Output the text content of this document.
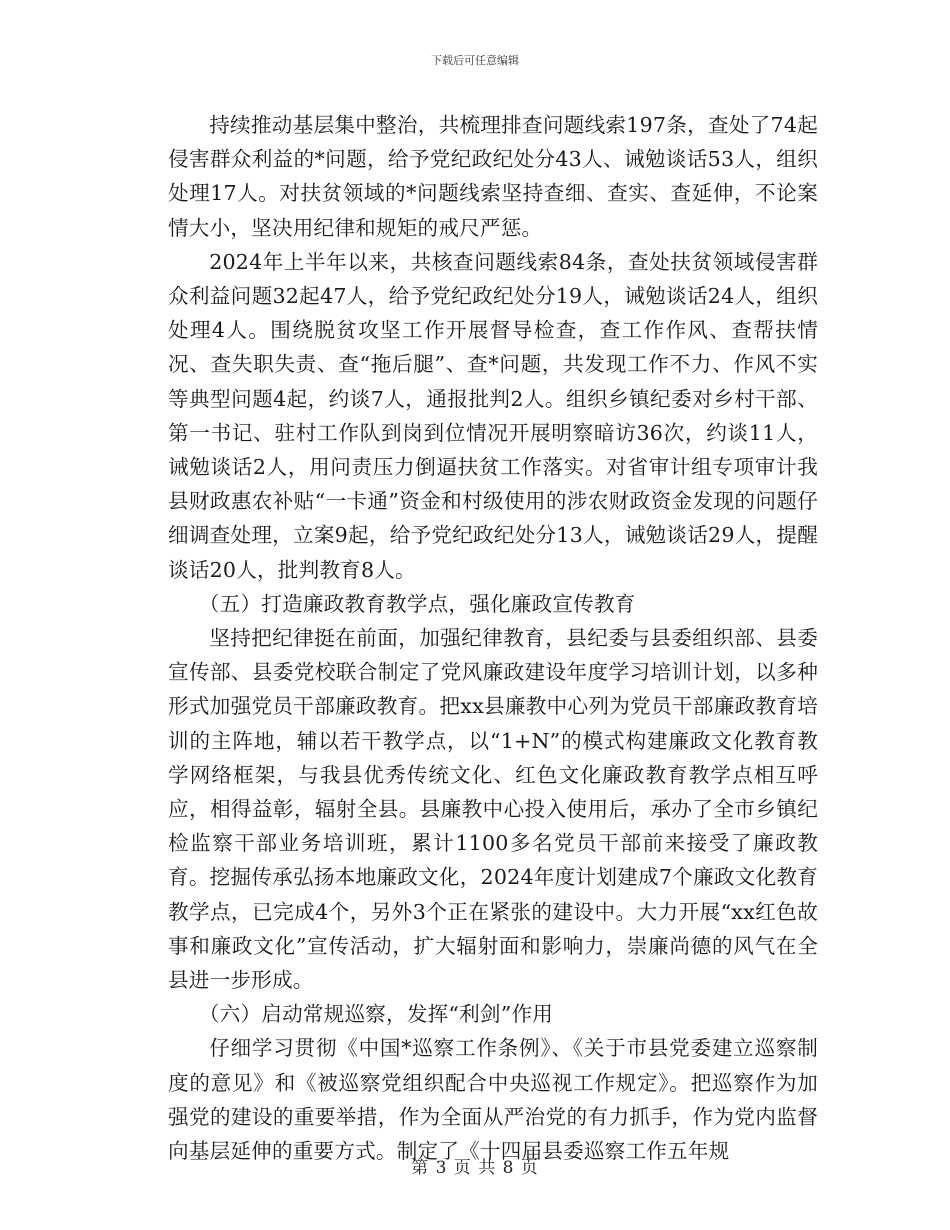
下载后可任意编辑

持续推动基层集中整治，共梳理排查问题线索197条，查处了74起侵害群众利益的*问题，给予党纪政纪处分43人、诫勉谈话53人，组织处理17人。对扶贫领域的*问题线索坚持查细、查实、查延伸，不论案情大小，坚决用纪律和规矩的戒尺严惩。

2024年上半年以来，共核查问题线索84条，查处扶贫领域侵害群众利益问题32起47人，给予党纪政纪处分19人，诫勉谈话24人，组织处理4人。围绕脱贫攻坚工作开展督导检查，查工作作风、查帮扶情况、查失职失责、查“拖后腿”、查*问题，共发现工作不力、作风不实等典型问题4起，约谈7人，通报批判2人。组织乡镇纪委对乡村干部、第一书记、驻村工作队到岗到位情况开展明察暗访36次，约谈11人，诫勉谈话2人，用问责压力倒逼扶贫工作落实。对省审计组专项审计我县财政惠农补贴“一卡通”资金和村级使用的涉农财政资金发现的问题仔细调查处理，立案9起，给予党纪政纪处分13人，诫勉谈话29人，提醒谈话20人，批判教育8人。

（五）打造廉政教育教学点，强化廉政宣传教育

坚持把纪律挺在前面，加强纪律教育，县纪委与县委组织部、县委宣传部、县委党校联合制定了党风廉政建设年度学习培训计划，以多种形式加强党员干部廉政教育。把xx县廉教中心列为党员干部廉政教育培训的主阵地，辅以若干教学点，以“1+N”的模式构建廉政文化教育教学网络框架，与我县优秀传统文化、红色文化廉政教育教学点相互呼应，相得益彰，辐射全县。县廉教中心投入使用后，承办了全市乡镇纪检监察干部业务培训班，累计1100多名党员干部前来接受了廉政教育。挖掘传承弘扬本地廉政文化，2024年度计划建成7个廉政文化教育教学点，已完成4个，另外3个正在紧张的建设中。大力开展“xx红色故事和廉政文化”宣传活动，扩大辐射面和影响力，崇廉尚德的风气在全县进一步形成。

（六）启动常规巡察，发挥“利剑”作用

仔细学习贯彻《中国*巡察工作条例》、《关于市县党委建立巡察制度的意见》和《被巡察党组织配合中央巡视工作规定》。把巡察作为加强党的建设的重要举措，作为全面从严治党的有力抓手，作为党内监督向基层延伸的重要方式。制定了《十四届县委巡察工作五年规

第 3 页 共 8 页
